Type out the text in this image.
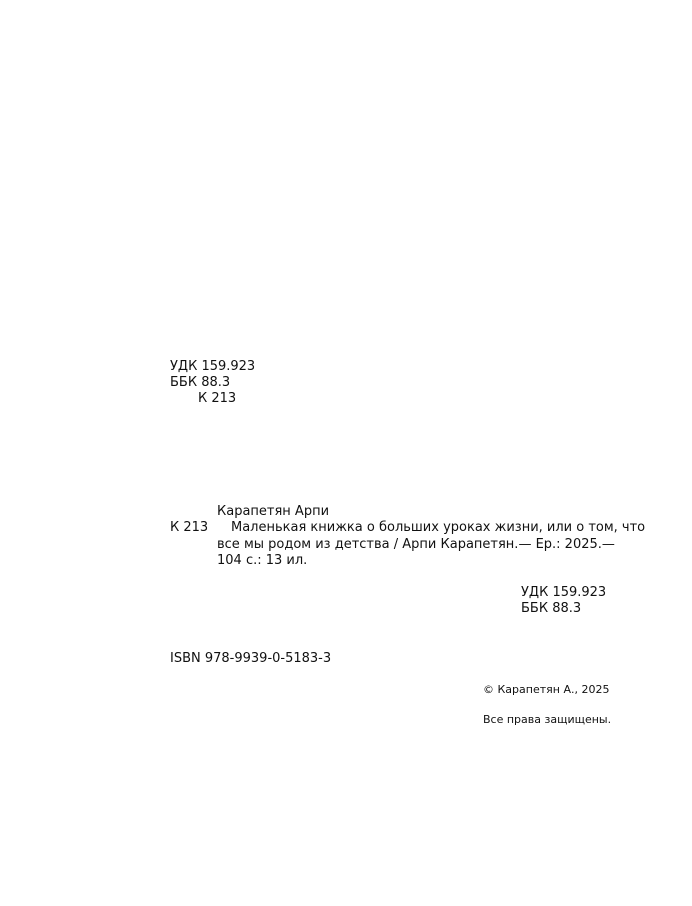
УДК 159.923
ББК 88.3
К 213
Карапетян Арпи
К 213 Маленькая книжка о больших уроках жизни, или о том, что
все мы родом из детства / Арпи Карапетян.— Ер.: 2025.—
104 с.: 13 ил.
УДК 159.923
ББК 88.3
ISBN 978-9939-0-5183-3
© Карапетян А., 2025
Все права защищены.
